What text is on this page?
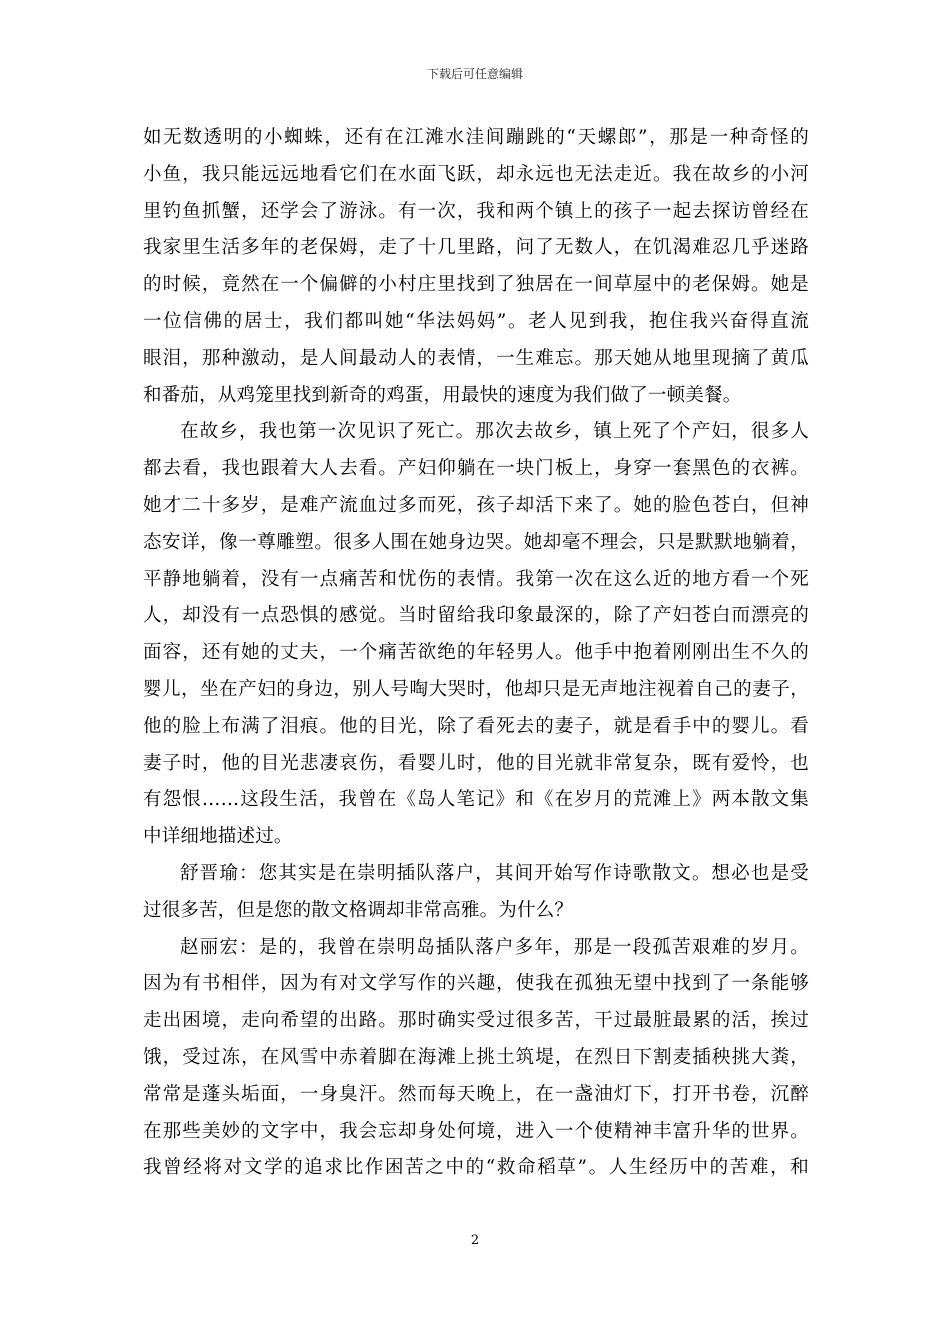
下载后可任意编辑
如无数透明的小蜘蛛，还有在江滩水洼间蹦跳的“天螺郎”，那是一种奇怪的
小鱼，我只能远远地看它们在水面飞跃，却永远也无法走近。我在故乡的小河
里钓鱼抓蟹，还学会了游泳。有一次，我和两个镇上的孩子一起去探访曾经在
我家里生活多年的老保姆，走了十几里路，问了无数人，在饥渴难忍几乎迷路
的时候，竟然在一个偏僻的小村庄里找到了独居在一间草屋中的老保姆。她是
一位信佛的居士，我们都叫她“华法妈妈”。老人见到我，抱住我兴奋得直流
眼泪，那种激动，是人间最动人的表情，一生难忘。那天她从地里现摘了黄瓜
和番茄，从鸡笼里找到新奇的鸡蛋，用最快的速度为我们做了一顿美餐。
在故乡，我也第一次见识了死亡。那次去故乡，镇上死了个产妇，很多人
都去看，我也跟着大人去看。产妇仰躺在一块门板上，身穿一套黑色的衣裤。
她才二十多岁，是难产流血过多而死，孩子却活下来了。她的脸色苍白，但神
态安详，像一尊雕塑。很多人围在她身边哭。她却毫不理会，只是默默地躺着，
平静地躺着，没有一点痛苦和忧伤的表情。我第一次在这么近的地方看一个死
人，却没有一点恐惧的感觉。当时留给我印象最深的，除了产妇苍白而漂亮的
面容，还有她的丈夫，一个痛苦欲绝的年轻男人。他手中抱着刚刚出生不久的
婴儿，坐在产妇的身边，别人号啕大哭时，他却只是无声地注视着自己的妻子，
他的脸上布满了泪痕。他的目光，除了看死去的妻子，就是看手中的婴儿。看
妻子时，他的目光悲凄哀伤，看婴儿时，他的目光就非常复杂，既有爱怜，也
有怨恨……这段生活，我曾在《岛人笔记》和《在岁月的荒滩上》两本散文集
中详细地描述过。
舒晋瑜：您其实是在崇明插队落户，其间开始写作诗歌散文。想必也是受
过很多苦，但是您的散文格调却非常高雅。为什么？
赵丽宏：是的，我曾在崇明岛插队落户多年，那是一段孤苦艰难的岁月。
因为有书相伴，因为有对文学写作的兴趣，使我在孤独无望中找到了一条能够
走出困境，走向希望的出路。那时确实受过很多苦，干过最脏最累的活，挨过
饿，受过冻，在风雪中赤着脚在海滩上挑土筑堤，在烈日下割麦插秧挑大粪，
常常是蓬头垢面，一身臭汗。然而每天晚上，在一盏油灯下，打开书卷，沉醉
在那些美妙的文字中，我会忘却身处何境，进入一个使精神丰富升华的世界。
我曾经将对文学的追求比作困苦之中的“救命稻草”。人生经历中的苦难，和
2
